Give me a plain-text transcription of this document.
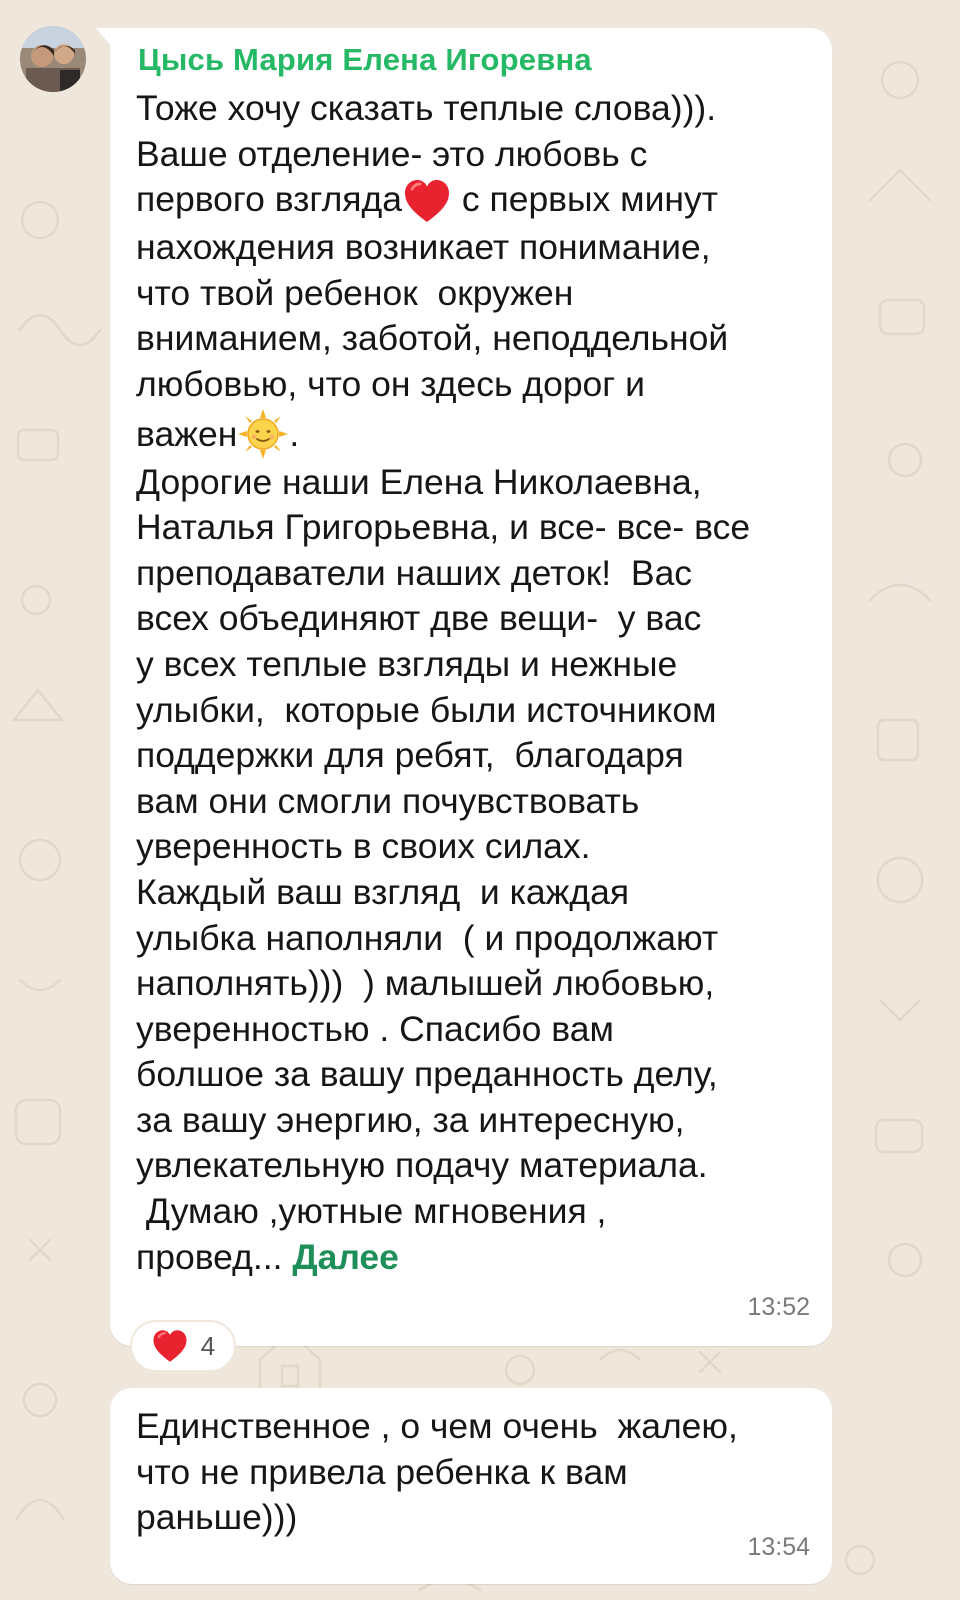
Цысь Мария Елена Игоревна
Тоже хочу сказать теплые слова))).
Ваше отделение- это любовь с
первого взгляда с первых минут
нахождения возникает понимание,
что твой ребенок  окружен
вниманием, заботой, неподдельной
любовью, что он здесь дорог и
важен .
Дорогие наши Елена Николаевна,
Наталья Григорьевна, и все- все- все
преподаватели наших деток!  Вас
всех объединяют две вещи-  у вас
у всех теплые взгляды и нежные
улыбки,  которые были источником
поддержки для ребят,  благодаря
вам они смогли почувствовать
уверенность в своих силах.
Каждый ваш взгляд  и каждая
улыбка наполняли  ( и продолжают
наполнять)))  ) малышей любовью,
уверенностью . Спасибо вам
болшое за вашу преданность делу,
за вашу энергию, за интересную,
увлекательную подачу материала.
Думаю ,уютные мгновения ,
провед... Далее
13:52
4
Единственное , о чем очень  жалею,
что не привела ребенка к вам
раньше)))
13:54
